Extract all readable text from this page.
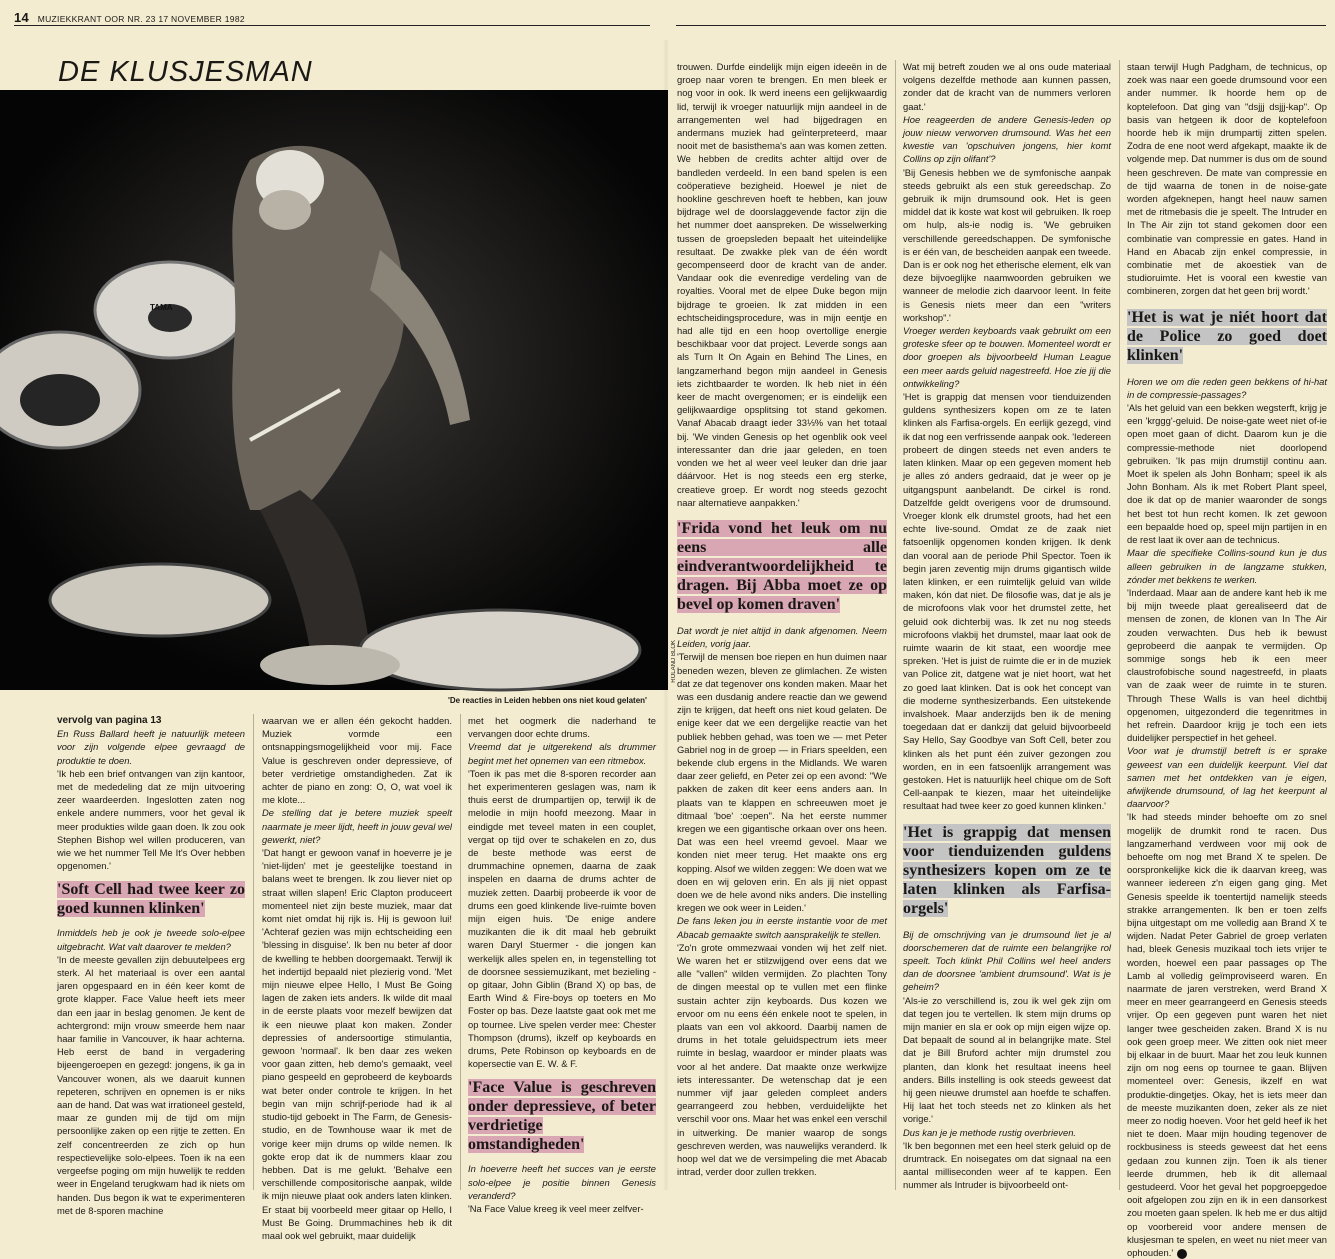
14 MUZIEKKRANT OOR NR. 23 17 NOVEMBER 1982
DE KLUSJESMAN
TAMA
ROLAND BLOK
'De reacties in Leiden hebben ons niet koud gelaten'

vervolg van pagina 13

En Russ Ballard heeft je natuurlijk meteen voor zijn volgende elpee gevraagd de produktie te doen.

'Ik heb een brief ontvangen van zijn kantoor, met de mededeling dat ze mijn uitvoering zeer waardeerden. Ingeslotten zaten nog enkele andere nummers, voor het geval ik meer produkties wilde gaan doen. Ik zou ook Stephen Bishop wel willen produceren, van wie we het nummer Tell Me It's Over hebben opgenomen.'

'Soft Cell had twee keer zo goed kunnen klinken'

Inmiddels heb je ook je tweede solo-elpee uitgebracht. Wat valt daarover te melden?

'In de meeste gevallen zijn debuutelpees erg sterk. Al het materiaal is over een aantal jaren opgespaard en in één keer komt de grote klapper. Face Value heeft iets meer dan een jaar in beslag genomen. Je kent de achtergrond: mijn vrouw smeerde hem naar haar familie in Vancouver, ik haar achterna. Heb eerst de band in vergadering bijeengeroepen en gezegd: jongens, ik ga in Vancouver wonen, als we daaruit kunnen repeteren, schrijven en opnemen is er niks aan de hand. Dat was wat irrationeel gesteld, maar ze gunden mij de tijd om mijn persoonlijke zaken op een rijtje te zetten. En zelf concentreerden ze zich op hun respectievelijke solo-elpees. Toen ik na een vergeefse poging om mijn huwelijk te redden weer in Engeland terugkwam had ik niets om handen. Dus begon ik wat te experimenteren met de 8-sporen machine

waarvan we er allen één gekocht hadden. Muziek vormde een ontsnappingsmogelijkheid voor mij. Face Value is geschreven onder depressieve, of beter verdrietige omstandigheden. Zat ik achter de piano en zong: O, O, wat voel ik me klote...

De stelling dat je betere muziek speelt naarmate je meer lijdt, heeft in jouw geval wel gewerkt, niet?

'Dat hangt er gewoon vanaf in hoeverre je je 'niet-lijden' met je geestelijke toestand in balans weet te brengen. Ik zou liever niet op straat willen slapen! Eric Clapton produceert momenteel niet zijn beste muziek, maar dat komt niet omdat hij rijk is. Hij is gewoon lui! 'Achteraf gezien was mijn echtscheiding een 'blessing in disguise'. Ik ben nu beter af door de kwelling te hebben doorgemaakt. Terwijl ik het indertijd bepaald niet plezierig vond. 'Met mijn nieuwe elpee Hello, I Must Be Going lagen de zaken iets anders. Ik wilde dit maal in de eerste plaats voor mezelf bewijzen dat ik een nieuwe plaat kon maken. Zonder depressies of andersoortige stimulantia, gewoon 'normaal'. Ik ben daar zes weken voor gaan zitten, heb demo's gemaakt, veel piano gespeeld en geprobeerd de keyboards wat beter onder controle te krijgen. In het begin van mijn schrijf-periode had ik al studio-tijd geboekt in The Farm, de Genesis-studio, en de Townhouse waar ik met de vorige keer mijn drums op wilde nemen. Ik gokte erop dat ik de nummers klaar zou hebben. Dat is me gelukt. 'Behalve een verschillende compositorische aanpak, wilde ik mijn nieuwe plaat ook anders laten klinken. Er staat bij voorbeeld meer gitaar op Hello, I Must Be Going. Drummachines heb ik dit maal ook wel gebruikt, maar duidelijk

met het oogmerk die naderhand te vervangen door echte drums.

Vreemd dat je uitgerekend als drummer begint met het opnemen van een ritmebox.

'Toen ik pas met die 8-sporen recorder aan het experimenteren geslagen was, nam ik thuis eerst de drumpartijen op, terwijl ik de melodie in mijn hoofd meezong. Maar in eindigde met teveel maten in een couplet, vergat op tijd over te schakelen en zo, dus de beste methode was eerst de drummachine opnemen, daarna de zaak inspelen en daarna de drums achter de muziek zetten. Daarbij probeerde ik voor de drums een goed klinkende live-ruimte boven mijn eigen huis. 'De enige andere muzikanten die ik dit maal heb gebruikt waren Daryl Stuermer - die jongen kan werkelijk alles spelen en, in tegenstelling tot de doorsnee sessiemuzikant, met bezieling - op gitaar, John Giblin (Brand X) op bas, de Earth Wind & Fire-boys op toeters en Mo Foster op bas. Deze laatste gaat ook met me op tournee. Live spelen verder mee: Chester Thompson (drums), ikzelf op keyboards en drums, Pete Robinson op keyboards en de kopersectie van E. W. & F.

'Face Value is geschreven onder depressieve, of beter verdrietige omstandigheden'

In hoeverre heeft het succes van je eerste solo-elpee je positie binnen Genesis veranderd?

'Na Face Value kreeg ik veel meer zelfver-

trouwen. Durfde eindelijk mijn eigen ideeën in de groep naar voren te brengen. En men bleek er nog voor in ook. Ik werd ineens een gelijkwaardig lid, terwijl ik vroeger natuurlijk mijn aandeel in de arrangementen wel had bijgedragen en andermans muziek had geïnterpreteerd, maar nooit met de basisthema's aan was komen zetten. We hebben de credits achter altijd over de bandleden verdeeld. In een band spelen is een coöperatieve bezigheid. Hoewel je niet de hookline geschreven hoeft te hebben, kan jouw bijdrage wel de doorslaggevende factor zijn die het nummer doet aanspreken. De wisselwerking tussen de groepsleden bepaalt het uiteindelijke resultaat. De zwakke plek van de één wordt gecompenseerd door de kracht van de ander. Vandaar ook die evenredige verdeling van de royalties. Vooral met de elpee Duke begon mijn bijdrage te groeien. Ik zat midden in een echtscheidingsprocedure, was in mijn eentje en had alle tijd en een hoop overtollige energie beschikbaar voor dat project. Leverde songs aan als Turn It On Again en Behind The Lines, en langzamerhand begon mijn aandeel in Genesis iets zichtbaarder te worden. Ik heb niet in één keer de macht overgenomen; er is eindelijk een gelijkwaardige opsplitsing tot stand gekomen. Vanaf Abacab draagt ieder 33⅓% van het totaal bij. 'We vinden Genesis op het ogenblik ook veel interessanter dan drie jaar geleden, en toen vonden we het al weer veel leuker dan drie jaar dáárvoor. Het is nog steeds een erg sterke, creatieve groep. Er wordt nog steeds gezocht naar alternatieve aanpakken.'

'Frida vond het leuk om nu eens alle eindverantwoordelijkheid te dragen. Bij Abba moet ze op bevel op komen draven'

Dat wordt je niet altijd in dank afgenomen. Neem Leiden, vorig jaar.

'Terwijl de mensen boe riepen en hun duimen naar beneden wezen, bleven ze glimlachen. Ze wisten dat ze dat tegenover ons konden maken. Maar het was een dusdanig andere reactie dan we gewend zijn te krijgen, dat heeft ons niet koud gelaten. De enige keer dat we een dergelijke reactie van het publiek hebben gehad, was toen we — met Peter Gabriel nog in de groep — in Friars speelden, een bekende club ergens in the Midlands. We waren daar zeer geliefd, en Peter zei op een avond: "We pakken de zaken dit keer eens anders aan. In plaats van te klappen en schreeuwen moet je ditmaal 'boe' :oepen". Na het eerste nummer kregen we een gigantische orkaan over ons heen. Dat was een heel vreemd gevoel. Maar we konden niet meer terug. Het maakte ons erg kopping. Alsof we wilden zeggen: We doen wat we doen en wij geloven erin. En als jij niet oppast doen we de hele avond niks anders. Die instelling kregen we ook weer in Leiden.'

De fans leken jou in eerste instantie voor de met Abacab gemaakte switch aansprakelijk te stellen.

'Zo'n grote ommezwaai vonden wij het zelf niet. We waren het er stilzwijgend over eens dat we alle "vallen" wilden vermijden. Zo plachten Tony de dingen meestal op te vullen met een flinke sustain achter zijn keyboards. Dus kozen we ervoor om nu eens één enkele noot te spelen, in plaats van een vol akkoord. Daarbij namen de drums in het totale geluidspectrum iets meer ruimte in beslag, waardoor er minder plaats was voor al het andere. Dat maakte onze werkwijze iets interessanter. De wetenschap dat je een nummer vijf jaar geleden compleet anders gearrangeerd zou hebben, verduidelijkte het verschil voor ons. Maar het was enkel een verschil in uitwerking. De manier waarop de songs geschreven werden, was nauwelijks veranderd. Ik hoop wel dat we de versimpeling die met Abacab intrad, verder door zullen trekken.

Wat mij betreft zouden we al ons oude materiaal volgens dezelfde methode aan kunnen passen, zonder dat de kracht van de nummers verloren gaat.'

Hoe reageerden de andere Genesis-leden op jouw nieuw verworven drumsound. Was het een kwestie van 'opschuiven jongens, hier komt Collins op zijn olifant'?

'Bij Genesis hebben we de symfonische aanpak steeds gebruikt als een stuk gereedschap. Zo gebruik ik mijn drumsound ook. Het is geen middel dat ik koste wat kost wil gebruiken. Ik roep om hulp, als-ie nodig is. 'We gebruiken verschillende gereedschappen. De symfonische is er één van, de bescheiden aanpak een tweede. Dan is er ook nog het etherische element, elk van deze bijvoeglijke naamwoorden gebruiken we wanneer de melodie zich daarvoor leent. In feite is Genesis niets meer dan een "writers workshop".'

Vroeger werden keyboards vaak gebruikt om een groteske sfeer op te bouwen. Momenteel wordt er door groepen als bijvoorbeeld Human League een meer aards geluid nagestreefd. Hoe zie jij die ontwikkeling?

'Het is grappig dat mensen voor tienduizenden guldens synthesizers kopen om ze te laten klinken als Farfisa-orgels. En eerlijk gezegd, vind ik dat nog een verfrissende aanpak ook. 'Iedereen probeert de dingen steeds net even anders te laten klinken. Maar op een gegeven moment heb je alles zó anders gedraaid, dat je weer op je uitgangspunt aanbelandt. De cirkel is rond. Datzelfde geldt overigens voor de drumsound. Vroeger klonk elk drumstel groots, had het een echte live-sound. Omdat ze de zaak niet fatsoenlijk opgenomen konden krijgen. Ik denk dan vooral aan de periode Phil Spector. Toen ik begin jaren zeventig mijn drums gigantisch wilde laten klinken, er een ruimtelijk geluid van wilde maken, kón dat niet. De filosofie was, dat je als je de microfoons vlak voor het drumstel zette, het geluid ook dichterbij was. Ik zet nu nog steeds microfoons vlakbij het drumstel, maar laat ook de ruimte waarin de kit staat, een woordje mee spreken. 'Het is juist de ruimte die er in de muziek van Police zit, datgene wat je niet hoort, wat het zo goed laat klinken. Dat is ook het concept van die moderne synthesizerbands. Een uitstekende invalshoek. Maar anderzijds ben ik de mening toegedaan dat er dankzij dat geluid bijvoorbeeld Say Hello, Say Goodbye van Soft Cell, beter zou klinken als het punt één zuiver gezongen zou worden, en in een fatsoenlijk arrangement was gestoken. Het is natuurlijk heel chique om de Soft Cell-aanpak te kiezen, maar het uiteindelijke resultaat had twee keer zo goed kunnen klinken.'

'Het is grappig dat mensen voor tienduizenden guldens synthesizers kopen om ze te laten klinken als Farfisa-orgels'

Bij de omschrijving van je drumsound liet je al doorschemeren dat de ruimte een belangrijke rol speelt. Toch klinkt Phil Collins wel heel anders dan de doorsnee 'ambient drumsound'. Wat is je geheim?

'Als-ie zo verschillend is, zou ik wel gek zijn om dat tegen jou te vertellen. Ik stem mijn drums op mijn manier en sla er ook op mijn eigen wijze op. Dat bepaalt de sound al in belangrijke mate. Stel dat je Bill Bruford achter mijn drumstel zou planten, dan klonk het resultaat ineens heel anders. Bills instelling is ook steeds geweest dat hij geen nieuwe drumstel aan hoefde te schaffen. Hij laat het toch steeds net zo klinken als het vorige.'

Dus kan je je methode rustig overbrieven.

'Ik ben begonnen met een heel sterk geluid op de drumtrack. En noisegates om dat signaal na een aantal milliseconden weer af te kappen. Een nummer als Intruder is bijvoorbeeld ont-

staan terwijl Hugh Padgham, de technicus, op zoek was naar een goede drumsound voor een ander nummer. Ik hoorde hem op de koptelefoon. Dat ging van "dsjjj dsjjj-kap". Op basis van hetgeen ik door de koptelefoon hoorde heb ik mijn drumpartij zitten spelen. Zodra de ene noot werd afgekapt, maakte ik de volgende mep. Dat nummer is dus om de sound heen geschreven. De mate van compressie en de tijd waarna de tonen in de noise-gate worden afgeknepen, hangt heel nauw samen met de ritmebasis die je speelt. The Intruder en In The Air zijn tot stand gekomen door een combinatie van compressie en gates. Hand in Hand en Abacab zijn enkel compressie, in combinatie met de akoestiek van de studioruimte. Het is vooral een kwestie van combineren, zorgen dat het geen brij wordt.'

'Het is wat je niét hoort dat de Police zo goed doet klinken'

Horen we om die reden geen bekkens of hi-hat in de compressie-passages?

'Als het geluid van een bekken wegsterft, krijg je een 'krggg'-geluid. De noise-gate weet niet of-ie open moet gaan of dicht. Daarom kun je die compressie-methode niet doorlopend gebruiken. 'Ik pas mijn drumstijl continu aan. Moet ik spelen als John Bonham; speel ik als John Bonham. Als ik met Robert Plant speel, doe ik dat op de manier waaronder de songs het best tot hun recht komen. Ik zet gewoon een bepaalde hoed op, speel mijn partijen in en de rest laat ik over aan de technicus.

Maar die specifieke Collins-sound kun je dus alleen gebruiken in de langzame stukken, zónder met bekkens te werken.

'Inderdaad. Maar aan de andere kant heb ik me bij mijn tweede plaat gerealiseerd dat de mensen de zonen, de klonen van In The Air zouden verwachten. Dus heb ik bewust geprobeerd die aanpak te vermijden. Op sommige songs heb ik een meer claustrofobische sound nagestreefd, in plaats van de zaak weer de ruimte in te sturen. Through These Walls is van heel dichtbij opgenomen, uitgezonderd die tegenritmes in het refrein. Daardoor krijg je toch een iets duidelijker perspectief in het geheel.

Voor wat je drumstijl betreft is er sprake geweest van een duidelijk keerpunt. Viel dat samen met het ontdekken van je eigen, afwijkende drumsound, of lag het keerpunt al daarvoor?

'Ik had steeds minder behoefte om zo snel mogelijk de drumkit rond te racen. Dus langzamerhand verdween voor mij ook de behoefte om nog met Brand X te spelen. De oorspronkelijke kick die ik daarvan kreeg, was wanneer iedereen z'n eigen gang ging. Met Genesis speelde ik toentertijd namelijk steeds strakke arrangementen. Ik ben er toen zelfs bijna uitgestapt om me volledig aan Brand X te wijden. Nadat Peter Gabriel de groep verlaten had, bleek Genesis muzikaal toch iets vrijer te worden, hoewel een paar passages op The Lamb al volledig geïmproviseerd waren. En naarmate de jaren verstreken, werd Brand X meer en meer gearrangeerd en Genesis steeds vrijer. Op een gegeven punt waren het niet langer twee gescheiden zaken. Brand X is nu ook geen groep meer. We zitten ook niet meer bij elkaar in de buurt. Maar het zou leuk kunnen zijn om nog eens op tournee te gaan. Blijven momenteel over: Genesis, ikzelf en wat produktie-dingetjes. Okay, het is iets meer dan de meeste muzikanten doen, zeker als ze niet meer zo nodig hoeven. Voor het geld heef ik het niet te doen. Maar mijn houding tegenover de rockbusiness is steeds geweest dat het eens gedaan zou kunnen zijn. Toen ik als tiener leerde drummen, heb ik dit allemaal gestudeerd. Voor het geval het popgroepgedoe ooit afgelopen zou zijn en ik in een dansorkest zou moeten gaan spelen. Ik heb me er dus altijd op voorbereid voor andere mensen de klusjesman te spelen, en weet nu niet meer van ophouden.'
